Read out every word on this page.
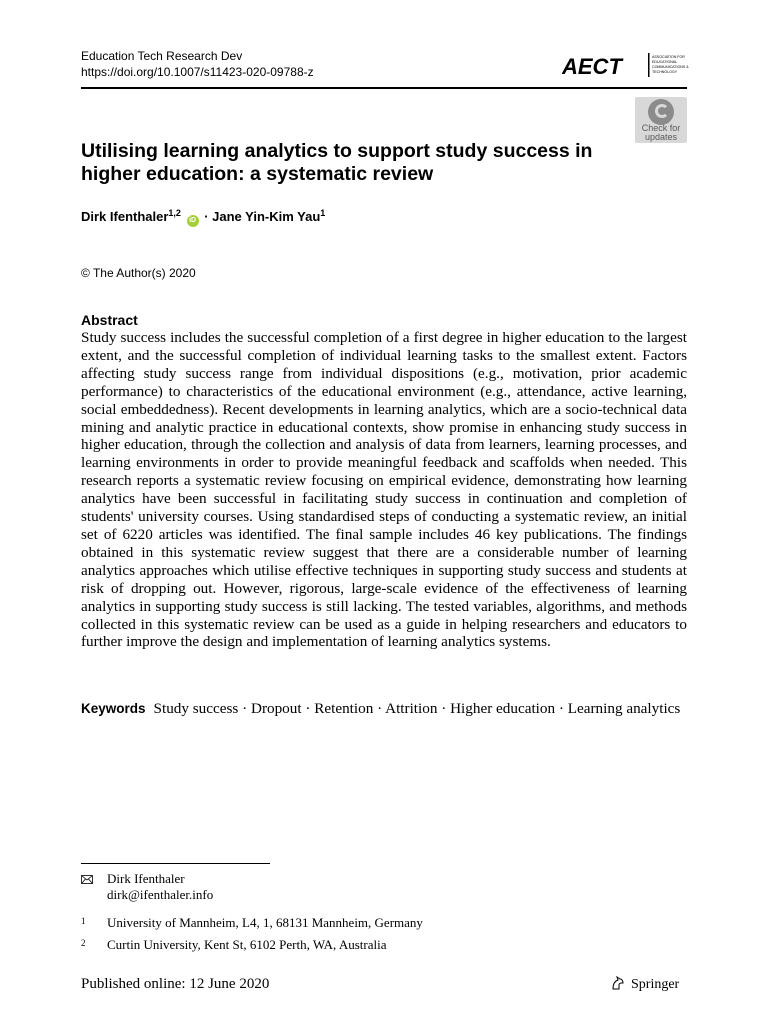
Education Tech Research Dev
https://doi.org/10.1007/s11423-020-09788-z	AECT	ASSOCIATION FOR
EDUCATIONAL
COMMUNICATIONS &
TECHNOLOGY
Check for
updates
Utilising learning analytics to support study success in higher education: a systematic review
Dirk Ifenthaler$^{1,2}$ iD · Jane Yin-Kim Yau$^1$
© The Author(s) 2020
Abstract
Study success includes the successful completion of a first degree in higher education to the largest extent, and the successful completion of individual learning tasks to the smallest extent. Factors affecting study success range from individual dispositions (e.g., motivation, prior academic performance) to characteristics of the educational environment (e.g., attendance, active learning, social embeddedness). Recent developments in learning analytics, which are a socio-technical data mining and analytic practice in educational contexts, show promise in enhancing study success in higher education, through the collection and analysis of data from learners, learning processes, and learning environments in order to provide meaningful feedback and scaffolds when needed. This research reports a systematic review focusing on empirical evidence, demonstrating how learning analytics have been successful in facilitating study success in continuation and completion of students' university courses. Using standardised steps of conducting a systematic review, an initial set of 6220 articles was identified. The final sample includes 46 key publications. The findings obtained in this systematic review suggest that there are a considerable number of learning analytics approaches which utilise effective techniques in supporting study success and students at risk of dropping out. However, rigorous, large-scale evidence of the effectiveness of learning analytics in supporting study success is still lacking. The tested variables, algorithms, and methods collected in this systematic review can be used as a guide in helping researchers and educators to further improve the design and implementation of learning analytics systems.
Keywords Study success · Dropout · Retention · Attrition · Higher education · Learning analytics
Dirk Ifenthaler
dirk@ifenthaler.info
1 University of Mannheim, L4, 1, 68131 Mannheim, Germany
2 Curtin University, Kent St, 6102 Perth, WA, Australia
Published online: 12 June 2020	Springer
